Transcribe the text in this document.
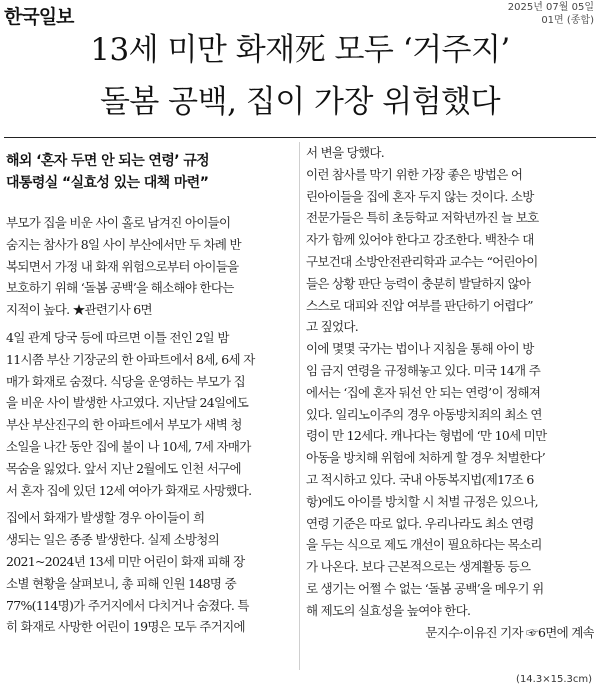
한국일보	2025년 07월 05일
01면 (종합)
13세 미만 화재死 모두 ‘거주지’
돌봄 공백, 집이 가장 위험했다
해외 ‘혼자 두면 안 되는 연령’ 규정
대통령실 “실효성 있는 대책 마련”
부모가 집을 비운 사이 홀로 남겨진 아이들이
숨지는 참사가 8일 사이 부산에서만 두 차례 반
복되면서 가정 내 화재 위험으로부터 아이들을
보호하기 위해 ‘돌봄 공백’을 해소해야 한다는
지적이 높다. ★관련기사 6면
4일 관계 당국 등에 따르면 이틀 전인 2일 밤
11시쯤 부산 기장군의 한 아파트에서 8세, 6세 자
매가 화재로 숨졌다. 식당을 운영하는 부모가 집
을 비운 사이 발생한 사고였다. 지난달 24일에도
부산 부산진구의 한 아파트에서 부모가 새벽 청
소일을 나간 동안 집에 불이 나 10세, 7세 자매가
목숨을 잃었다. 앞서 지난 2월에도 인천 서구에
서 혼자 집에 있던 12세 여아가 화재로 사망했다.
집에서 화재가 발생할 경우 아이들이 희
생되는 일은 종종 발생한다. 실제 소방청의
2021~2024년 13세 미만 어린이 화재 피해 장
소별 현황을 살펴보니, 총 피해 인원 148명 중
77%(114명)가 주거지에서 다치거나 숨졌다. 특
히 화재로 사망한 어린이 19명은 모두 주거지에
서 변을 당했다.
이런 참사를 막기 위한 가장 좋은 방법은 어
린아이들을 집에 혼자 두지 않는 것이다. 소방
전문가들은 특히 초등학교 저학년까진 늘 보호
자가 함께 있어야 한다고 강조한다. 백찬수 대
구보건대 소방안전관리학과 교수는 “어린아이
들은 상황 판단 능력이 충분히 발달하지 않아
스스로 대피와 진압 여부를 판단하기 어렵다”
고 짚었다.
이에 몇몇 국가는 법이나 지침을 통해 아이 방
임 금지 연령을 규정해놓고 있다. 미국 14개 주
에서는 ‘집에 혼자 둬선 안 되는 연령’이 정해져
있다. 일리노이주의 경우 아동방치죄의 최소 연
령이 만 12세다. 캐나다는 형법에 ‘만 10세 미만
아동을 방치해 위험에 처하게 할 경우 처벌한다’
고 적시하고 있다. 국내 아동복지법(제17조 6
항)에도 아이를 방치할 시 처벌 규정은 있으나,
연령 기준은 따로 없다. 우리나라도 최소 연령
을 두는 식으로 제도 개선이 필요하다는 목소리
가 나온다. 보다 근본적으로는 생계활동 등으
로 생기는 어쩔 수 없는 ‘돌봄 공백’을 메우기 위
해 제도의 실효성을 높여야 한다.
문지수·이유진 기자 ☞6면에 계속
(14.3×15.3cm)
